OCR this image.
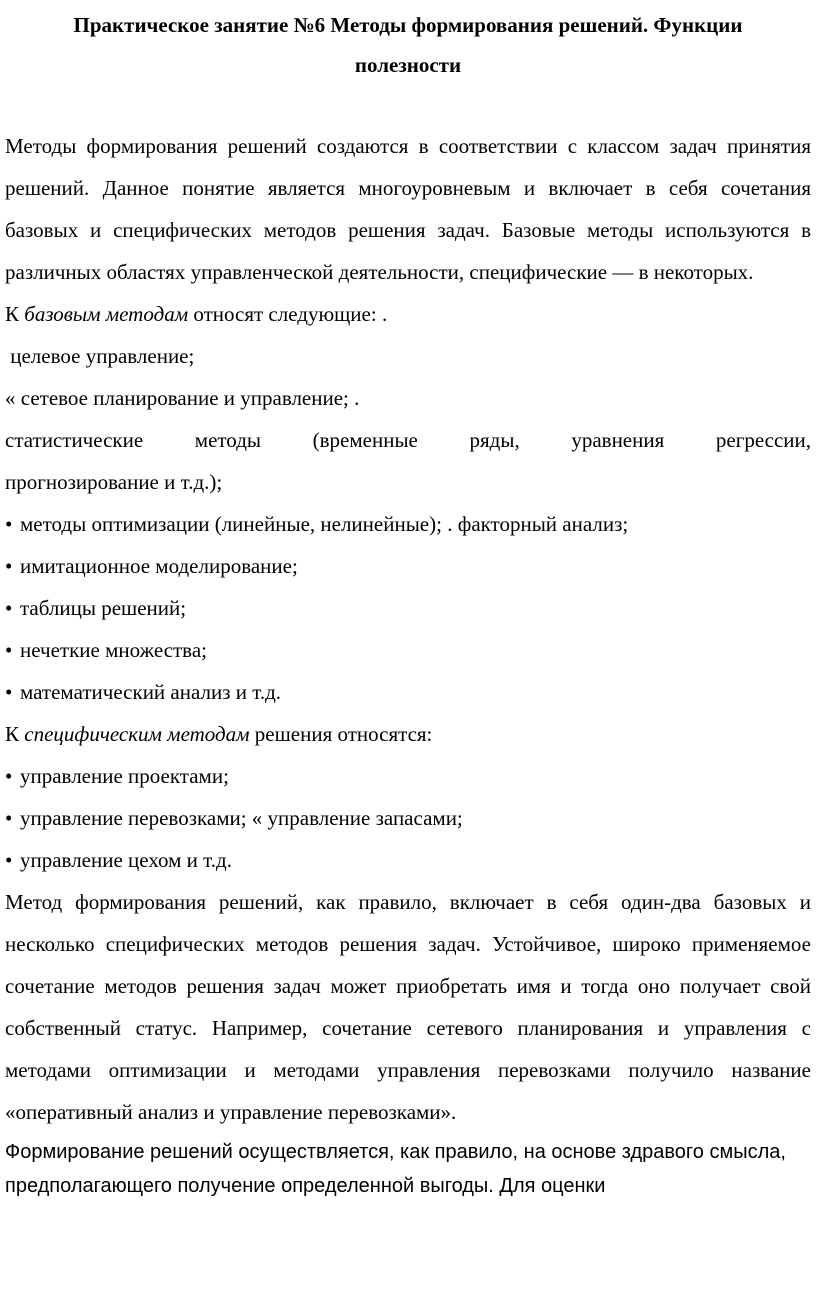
Практическое занятие №6 Методы формирования решений. Функции
полезности

Методы формирования решений создаются в соответствии с классом задач принятия решений. Данное понятие является многоуровневым и включает в себя сочетания базовых и специфических методов решения задач. Базовые методы используются в различных областях управленческой деятельности, специфические — в некоторых.

К базовым методам относят следующие: .

целевое управление;

« сетевое планирование и управление; .

статистические методы (временные ряды, уравнения регрессии,

прогнозирование и т.д.);

• методы оптимизации (линейные, нелинейные); . факторный анализ;

• имитационное моделирование;

• таблицы решений;

• нечеткие множества;

• математический анализ и т.д.

К специфическим методам решения относятся:

• управление проектами;

• управление перевозками; « управление запасами;

• управление цехом и т.д.

Метод формирования решений, как правило, включает в себя один-два базовых и несколько специфических методов решения задач. Устойчивое, широко применяемое сочетание методов решения задач может приобретать имя и тогда оно получает свой собственный статус. Например, сочетание сетевого планирования и управления с методами оптимизации и методами управления перевозками получило название «оперативный анализ и управление перевозками».

Формирование решений осуществляется, как правило, на основе здравого смысла, предполагающего получение определенной выгоды. Для оценки
